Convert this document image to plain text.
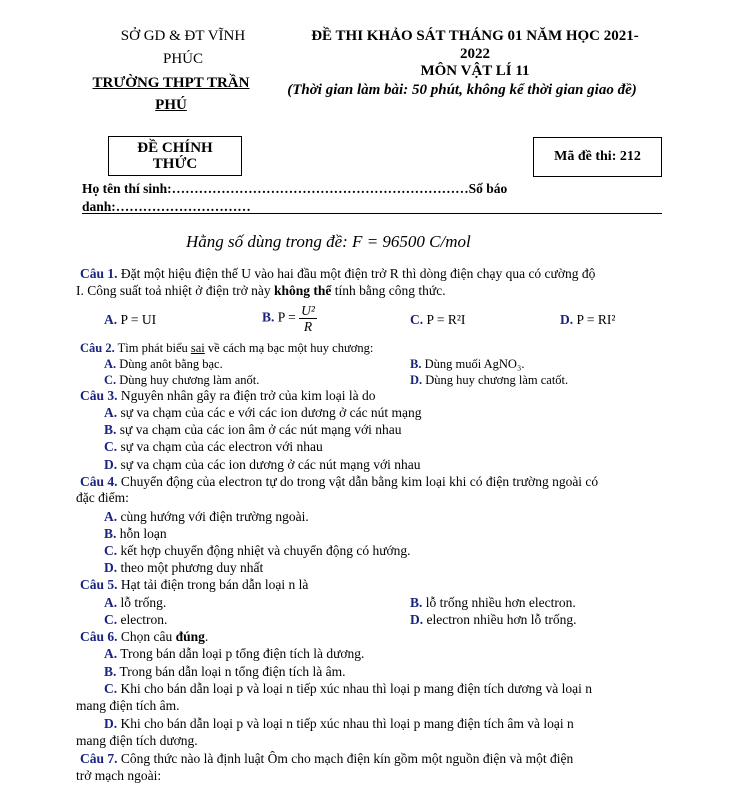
SỞ GD & ĐT VĨNH
PHÚC
TRƯỜNG THPT TRẦN
PHÚ
ĐỀ THI KHẢO SÁT THÁNG 01 NĂM HỌC 2021-
2022
MÔN VẬT LÍ 11
(Thời gian làm bài: 50 phút, không kể thời gian giao đề)
ĐỀ CHÍNH
THỨC	Mã đề thi: 212
Họ tên thí sinh:…………………………………………………………Số báo
danh:…………………………
Hằng số dùng trong đề: F = 96500 C/mol
Câu 1. Đặt một hiệu điện thế U vào hai đầu một điện trở R thì dòng điện chạy qua có cường độ
I. Công suất toả nhiệt ở điện trở này không thể tính bằng công thức.
A. P = UI	B. $P = \frac{\text{U²}}{R}$	C. P = R²I	D. P = RI²
Câu 2. Tìm phát biểu sai về cách mạ bạc một huy chương:
A. Dùng anôt bằng bạc.	B. Dùng muối AgNO₃.
C. Dùng huy chương làm anốt.	D. Dùng huy chương làm catốt.
Câu 3. Nguyên nhân gây ra điện trở của kim loại là do
A. sự va chạm của các e với các ion dương ở các nút mạng
B. sự va chạm của các ion âm ở các nút mạng với nhau
C. sự va chạm của các electron với nhau
D. sự va chạm của các ion dương ở các nút mạng với nhau
Câu 4. Chuyển động của electron tự do trong vật dẫn bằng kim loại khi có điện trường ngoài có
đặc điểm:
A. cùng hướng với điện trường ngoài.
B. hỗn loạn
C. kết hợp chuyển động nhiệt và chuyển động có hướng.
D. theo một phương duy nhất
Câu 5. Hạt tải điện trong bán dẫn loại n là
A. lỗ trống.	B. lỗ trống nhiều hơn electron.
C. electron.	D. electron nhiều hơn lỗ trống.
Câu 6. Chọn câu đúng.
A. Trong bán dẫn loại p tổng điện tích là dương.
B. Trong bán dẫn loại n tổng điện tích là âm.
C. Khi cho bán dẫn loại p và loại n tiếp xúc nhau thì loại p mang điện tích dương và loại n
mang điện tích âm.
D. Khi cho bán dẫn loại p và loại n tiếp xúc nhau thì loại p mang điện tích âm và loại n
mang điện tích dương.
Câu 7. Công thức nào là định luật Ôm cho mạch điện kín gồm một nguồn điện và một điện
trở mạch ngoài:
